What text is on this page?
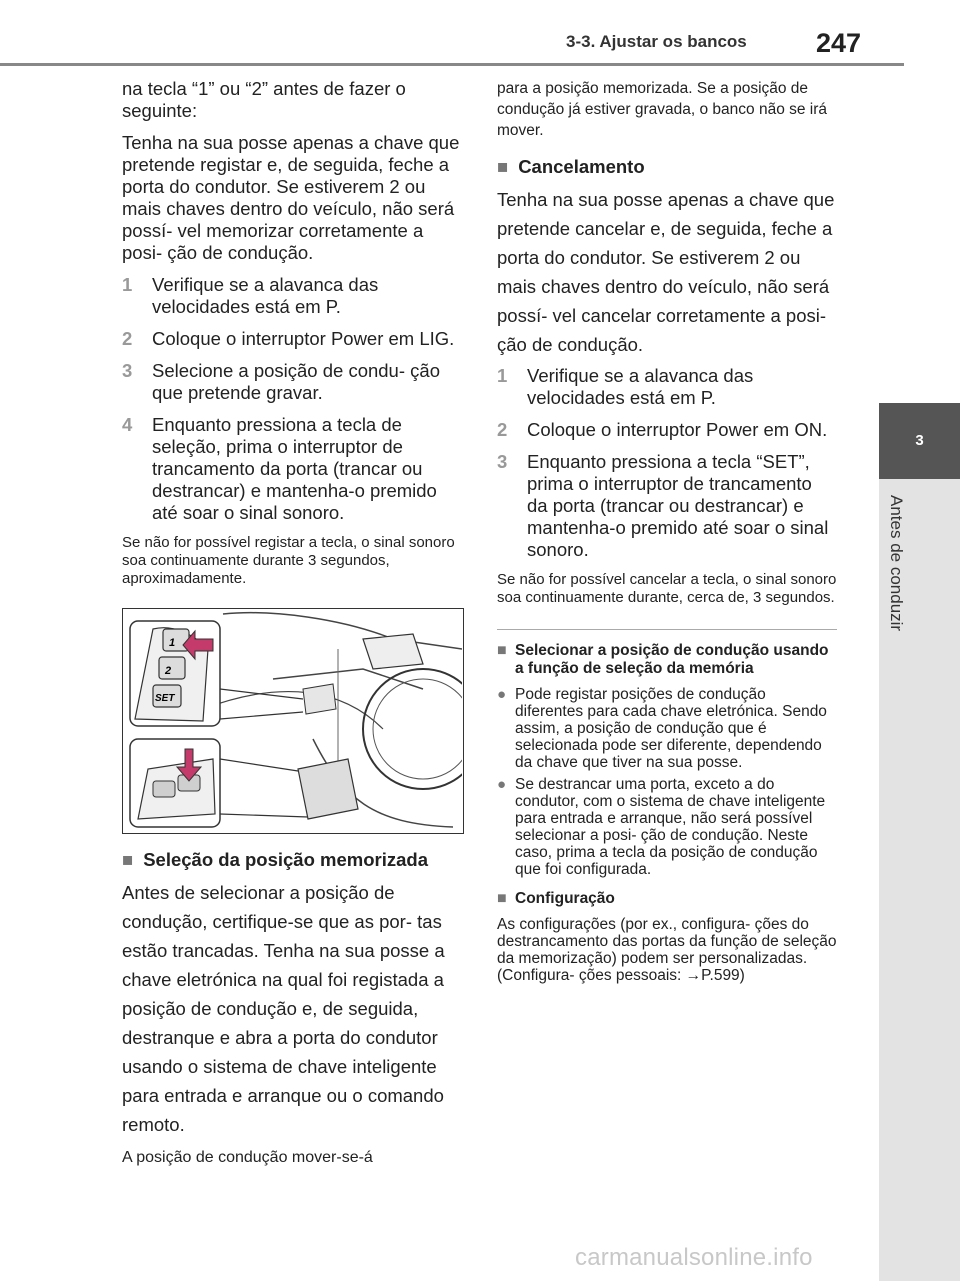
3-3. Ajustar os bancos	247
3
Antes de conduzir

na tecla “1” ou “2” antes de fazer o seguinte:

Tenha na sua posse apenas a chave que pretende registar e, de seguida, feche a porta do condutor. Se estiverem 2 ou mais chaves dentro do veículo, não será possí- vel memorizar corretamente a posi- ção de condução.

1	Verifique se a alavanca das velocidades está em P.
2	Coloque o interruptor Power em LIG.
3	Selecione a posição de condu- ção que pretende gravar.
4	Enquanto pressiona a tecla de seleção, prima o interruptor de trancamento da porta (trancar ou destrancar) e mantenha-o premido até soar o sinal sonoro.

Se não for possível registar a tecla, o sinal sonoro soa continuamente durante 3 segundos, aproximadamente.

1
2
SET

■ Seleção da posição memorizada

Antes de selecionar a posição de condução, certifique-se que as por- tas estão trancadas. Tenha na sua posse a chave eletrónica na qual foi registada a posição de condução e, de seguida, destranque e abra a porta do condutor usando o sistema de chave inteligente para entrada e arranque ou o comando remoto.

A posição de condução mover-se-á

para a posição memorizada. Se a posição de condução já estiver gravada, o banco não se irá mover.

■ Cancelamento

Tenha na sua posse apenas a chave que pretende cancelar e, de seguida, feche a porta do condutor. Se estiverem 2 ou mais chaves dentro do veículo, não será possí- vel cancelar corretamente a posi- ção de condução.

1	Verifique se a alavanca das velocidades está em P.
2	Coloque o interruptor Power em ON.
3	Enquanto pressiona a tecla “SET”, prima o interruptor de trancamento da porta (trancar ou destrancar) e mantenha-o premido até soar o sinal sonoro.

Se não for possível cancelar a tecla, o sinal sonoro soa continuamente durante, cerca de, 3 segundos.

■ Selecionar a posição de condução usando a função de seleção da memória
● Pode registar posições de condução diferentes para cada chave eletrónica. Sendo assim, a posição de condução que é selecionada pode ser diferente, dependendo da chave que tiver na sua posse.
● Se destrancar uma porta, exceto a do condutor, com o sistema de chave inteligente para entrada e arranque, não será possível selecionar a posi- ção de condução. Neste caso, prima a tecla da posição de condução que foi configurada.
■ Configuração

As configurações (por ex., configura- ções do destrancamento das portas da função de seleção da memorização) podem ser personalizadas. (Configura- ções pessoais: →P.599)

carmanualsonline.info
